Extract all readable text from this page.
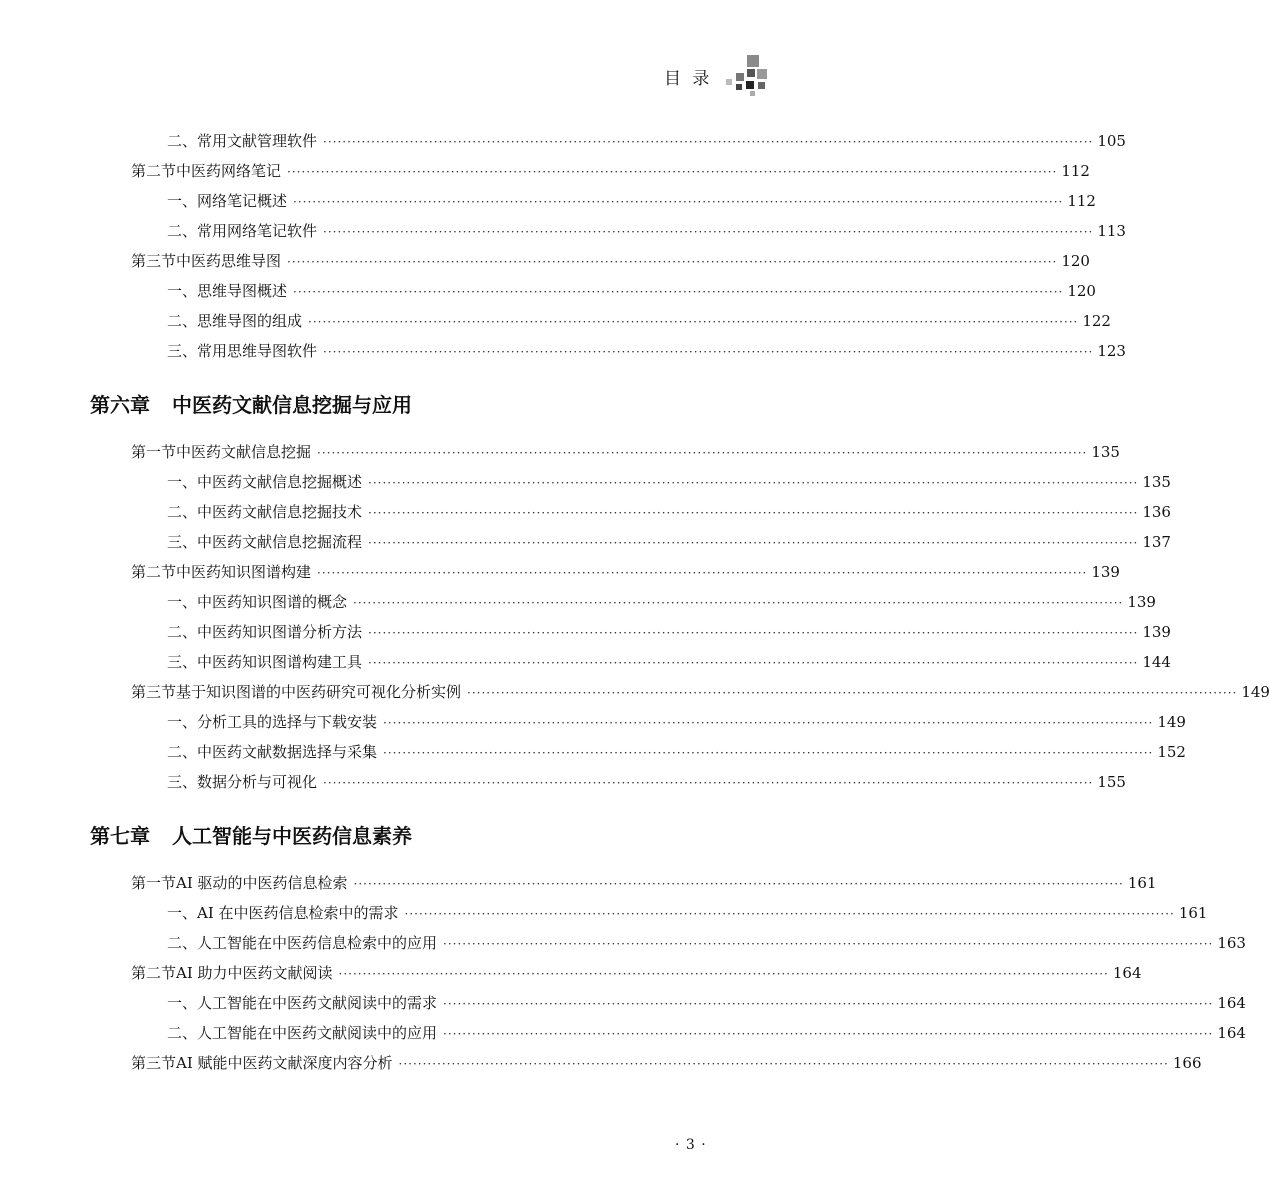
目 录
二、常用文献管理软件 ································································································································································ 105
第二节 中医药网络笔记 ································································································································································ 112
一、网络笔记概述 ································································································································································ 112
二、常用网络笔记软件 ································································································································································ 113
第三节 中医药思维导图 ································································································································································ 120
一、思维导图概述 ································································································································································ 120
二、思维导图的组成 ································································································································································ 122
三、常用思维导图软件 ································································································································································ 123
第六章 中医药文献信息挖掘与应用
第一节 中医药文献信息挖掘 ································································································································································ 135
一、中医药文献信息挖掘概述 ································································································································································ 135
二、中医药文献信息挖掘技术 ································································································································································ 136
三、中医药文献信息挖掘流程 ································································································································································ 137
第二节 中医药知识图谱构建 ································································································································································ 139
一、中医药知识图谱的概念 ································································································································································ 139
二、中医药知识图谱分析方法 ································································································································································ 139
三、中医药知识图谱构建工具 ································································································································································ 144
第三节 基于知识图谱的中医药研究可视化分析实例 ································································································································································ 149
一、分析工具的选择与下载安装 ································································································································································ 149
二、中医药文献数据选择与采集 ································································································································································ 152
三、数据分析与可视化 ································································································································································ 155
第七章 人工智能与中医药信息素养
第一节 AI 驱动的中医药信息检索 ································································································································································ 161
一、AI 在中医药信息检索中的需求 ································································································································································ 161
二、人工智能在中医药信息检索中的应用 ································································································································································ 163
第二节 AI 助力中医药文献阅读 ································································································································································ 164
一、人工智能在中医药文献阅读中的需求 ································································································································································ 164
二、人工智能在中医药文献阅读中的应用 ································································································································································ 164
第三节 AI 赋能中医药文献深度内容分析 ································································································································································ 166
· 3 ·
